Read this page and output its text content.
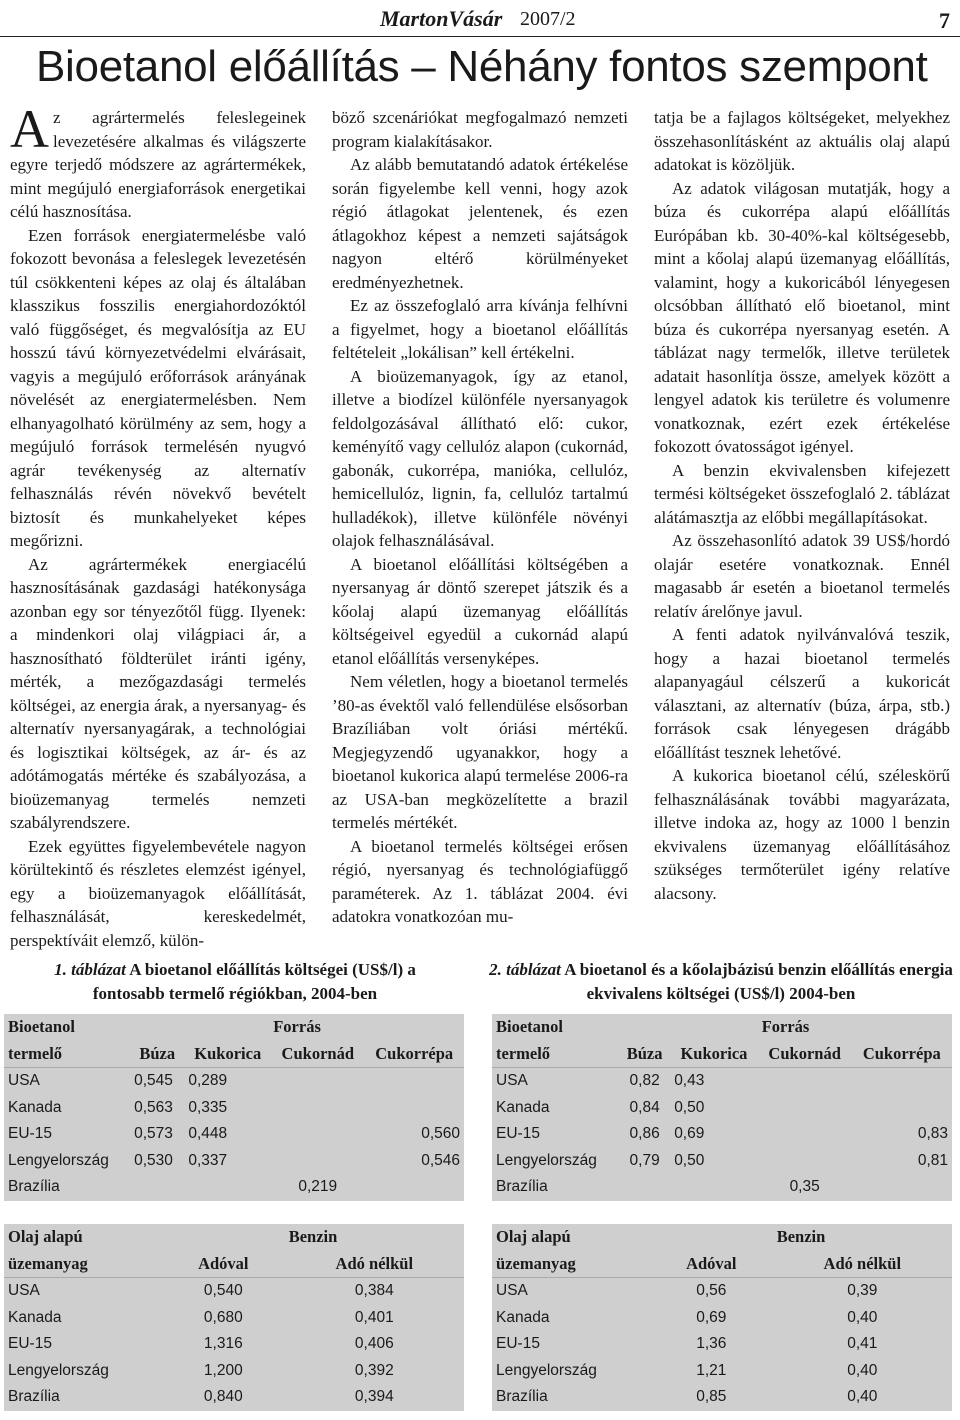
MartonVásár 2007/2	7
Bioetanol előállítás – Néhány fontos szempont

Az agrártermelés feleslegeinek levezetésére alkalmas és világszerte egyre terjedő módszere az agrártermékek, mint megújuló energiaforrások energetikai célú hasznosítása.

Ezen források energiatermelésbe való fokozott bevonása a feleslegek levezetésén túl csökkenteni képes az olaj és általában klasszikus fosszilis energiahordozóktól való függőséget, és megvalósítja az EU hosszú távú környezetvédelmi elvárásait, vagyis a megújuló erőforrások arányának növelését az energiatermelésben. Nem elhanyagolható körülmény az sem, hogy a megújuló források termelésén nyugvó agrár tevékenység az alternatív felhasználás révén növekvő bevételt biztosít és munkahelyeket képes megőrizni.

Az agrártermékek energiacélú hasznosításának gazdasági hatékonysága azonban egy sor tényezőtől függ. Ilyenek: a mindenkori olaj világpiaci ár, a hasznosítható földterület iránti igény, mérték, a mezőgazdasági termelés költségei, az energia árak, a nyersanyag- és alternatív nyersanyagárak, a technológiai és logisztikai költségek, az ár- és az adótámogatás mértéke és szabályozása, a bioüzemanyag termelés nemzeti szabályrendszere.

Ezek együttes figyelembevétele nagyon körültekintő és részletes elemzést igényel, egy a bioüzemanyagok előállítását, felhasználását, kereskedelmét, perspektíváit elemző, külön-

böző szcenáriókat megfogalmazó nemzeti program kialakításakor.

Az alább bemutatandó adatok értékelése során figyelembe kell venni, hogy azok régió átlagokat jelentenek, és ezen átlagokhoz képest a nemzeti sajátságok nagyon eltérő körülményeket eredményezhetnek.

Ez az összefoglaló arra kívánja felhívni a figyelmet, hogy a bioetanol előállítás feltételeit „lokálisan” kell értékelni.

A bioüzemanyagok, így az etanol, illetve a biodízel különféle nyersanyagok feldolgozásával állítható elő: cukor, keményítő vagy cellulóz alapon (cukornád, gabonák, cukorrépa, manióka, cellulóz, hemicellulóz, lignin, fa, cellulóz tartalmú hulladékok), illetve különféle növényi olajok felhasználásával.

A bioetanol előállítási költségében a nyersanyag ár döntő szerepet játszik és a kőolaj alapú üzemanyag előállítás költségeivel egyedül a cukornád alapú etanol előállítás versenyképes.

Nem véletlen, hogy a bioetanol termelés ’80-as évektől való fellendülése elsősorban Brazíliában volt óriási mértékű. Megjegyzendő ugyanakkor, hogy a bioetanol kukorica alapú termelése 2006-ra az USA-ban megközelítette a brazil termelés mértékét.

A bioetanol termelés költségei erősen régió, nyersanyag és technológiafüggő paraméterek. Az 1. táblázat 2004. évi adatokra vonatkozóan mu-

tatja be a fajlagos költségeket, melyekhez összehasonlításként az aktuális olaj alapú adatokat is közöljük.

Az adatok világosan mutatják, hogy a búza és cukorrépa alapú előállítás Európában kb. 30-40%-kal költségesebb, mint a kőolaj alapú üzemanyag előállítás, valamint, hogy a kukoricából lényegesen olcsóbban állítható elő bioetanol, mint búza és cukorrépa nyersanyag esetén. A táblázat nagy termelők, illetve területek adatait hasonlítja össze, amelyek között a lengyel adatok kis területre és volumenre vonatkoznak, ezért ezek értékelése fokozott óvatosságot igényel.

A benzin ekvivalensben kifejezett termési költségeket összefoglaló 2. táblázat alátámasztja az előbbi megállapításokat.

Az összehasonlító adatok 39 US$/hordó olajár esetére vonatkoznak. Ennél magasabb ár esetén a bioetanol termelés relatív árelőnye javul.

A fenti adatok nyilvánvalóvá teszik, hogy a hazai bioetanol termelés alapanyagául célszerű a kukoricát választani, az alternatív (búza, árpa, stb.) források csak lényegesen drágább előállítást tesznek lehetővé.

A kukorica bioetanol célú, széleskörű felhasználásának további magyarázata, illetve indoka az, hogy az 1000 l benzin ekvivalens üzemanyag előállításához szükséges termőterület igény relatíve alacsony.

1. táblázat A bioetanol előállítás költségei (US$/l) a fontosabb termelő régiókban, 2004-ben
2. táblázat A bioetanol és a kőolajbázisú benzin előállítás energia ekvivalens költségei (US$/l) 2004-ben
Bioetanol	Forrás			
termelő	Búza	Kukorica	Cukornád	Cukorrépa
USA	0,545	0,289		
Kanada	0,563	0,335		
EU-15	0,573	0,448		0,560
Lengyelország	0,530	0,337		0,546
Brazília			0,219	
Bioetanol	Forrás			
termelő	Búza	Kukorica	Cukornád	Cukorrépa
USA	0,82	0,43		
Kanada	0,84	0,50		
EU-15	0,86	0,69		0,83
Lengyelország	0,79	0,50		0,81
Brazília			0,35	
Olaj alapú	Benzin	
üzemanyag	Adóval	Adó nélkül
USA	0,540	0,384
Kanada	0,680	0,401
EU-15	1,316	0,406
Lengyelország	1,200	0,392
Brazília	0,840	0,394
Olaj alapú	Benzin	
üzemanyag	Adóval	Adó nélkül
USA	0,56	0,39
Kanada	0,69	0,40
EU-15	1,36	0,41
Lengyelország	1,21	0,40
Brazília	0,85	0,40
